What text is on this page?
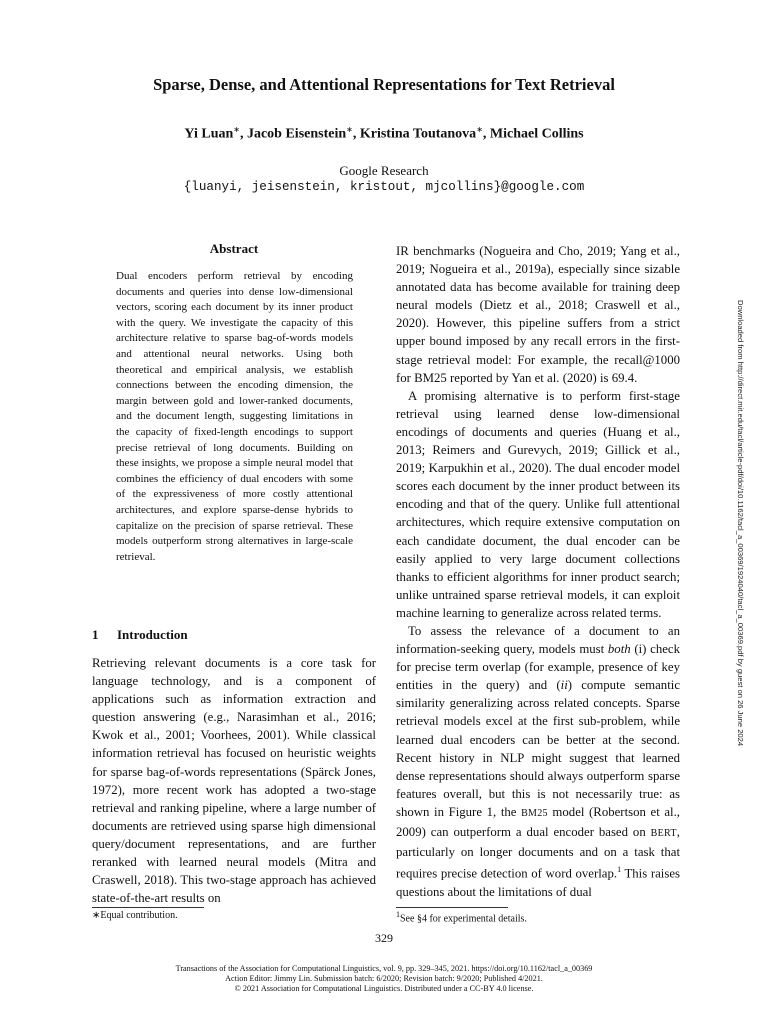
Sparse, Dense, and Attentional Representations for Text Retrieval

Yi Luan∗, Jacob Eisenstein∗, Kristina Toutanova∗, Michael Collins

Google Research

{luanyi, jeisenstein, kristout, mjcollins}@google.com

Abstract

Dual encoders perform retrieval by encoding documents and queries into dense low-dimensional vectors, scoring each document by its inner product with the query. We investigate the capacity of this architecture relative to sparse bag-of-words models and attentional neural networks. Using both theoretical and empirical analysis, we establish connections between the encoding dimension, the margin between gold and lower-ranked documents, and the document length, suggesting limitations in the capacity of fixed-length encodings to support precise retrieval of long documents. Building on these insights, we propose a simple neural model that combines the efficiency of dual encoders with some of the expressiveness of more costly attentional architectures, and explore sparse-dense hybrids to capitalize on the precision of sparse retrieval. These models outperform strong alternatives in large-scale retrieval.

1 Introduction

Retrieving relevant documents is a core task for language technology, and is a component of applications such as information extraction and question answering (e.g., Narasimhan et al., 2016; Kwok et al., 2001; Voorhees, 2001). While classical information retrieval has focused on heuristic weights for sparse bag-of-words representations (Spärck Jones, 1972), more recent work has adopted a two-stage retrieval and ranking pipeline, where a large number of documents are retrieved using sparse high dimensional query/document representations, and are further reranked with learned neural models (Mitra and Craswell, 2018). This two-stage approach has achieved state-of-the-art results on

IR benchmarks (Nogueira and Cho, 2019; Yang et al., 2019; Nogueira et al., 2019a), especially since sizable annotated data has become available for training deep neural models (Dietz et al., 2018; Craswell et al., 2020). However, this pipeline suffers from a strict upper bound imposed by any recall errors in the first-stage retrieval model: For example, the recall@1000 for BM25 reported by Yan et al. (2020) is 69.4.

A promising alternative is to perform first-stage retrieval using learned dense low-dimensional encodings of documents and queries (Huang et al., 2013; Reimers and Gurevych, 2019; Gillick et al., 2019; Karpukhin et al., 2020). The dual encoder model scores each document by the inner product between its encoding and that of the query. Unlike full attentional architectures, which require extensive computation on each candidate document, the dual encoder can be easily applied to very large document collections thanks to efficient algorithms for inner product search; unlike untrained sparse retrieval models, it can exploit machine learning to generalize across related terms.

To assess the relevance of a document to an information-seeking query, models must both (i) check for precise term overlap (for example, presence of key entities in the query) and (ii) compute semantic similarity generalizing across related concepts. Sparse retrieval models excel at the first sub-problem, while learned dual encoders can be better at the second. Recent history in NLP might suggest that learned dense representations should always outperform sparse features overall, but this is not necessarily true: as shown in Figure 1, the BM25 model (Robertson et al., 2009) can outperform a dual encoder based on BERT, particularly on longer documents and on a task that requires precise detection of word overlap.$^1$ This raises questions about the limitations of dual

∗Equal contribution.	$^1$See §4 for experimental details.

329

Transactions of the Association for Computational Linguistics, vol. 9, pp. 329–345, 2021. https://doi.org/10.1162/tacl_a_00369
Action Editor: Jimmy Lin. Submission batch: 6/2020; Revision batch: 9/2020; Published 4/2021.
© 2021 Association for Computational Linguistics. Distributed under a CC-BY 4.0 license.
Downloaded from http://direct.mit.edu/tacl/article-pdf/doi/10.1162/tacl_a_00369/1924040/tacl_a_00369.pdf by guest on 26 June 2024
